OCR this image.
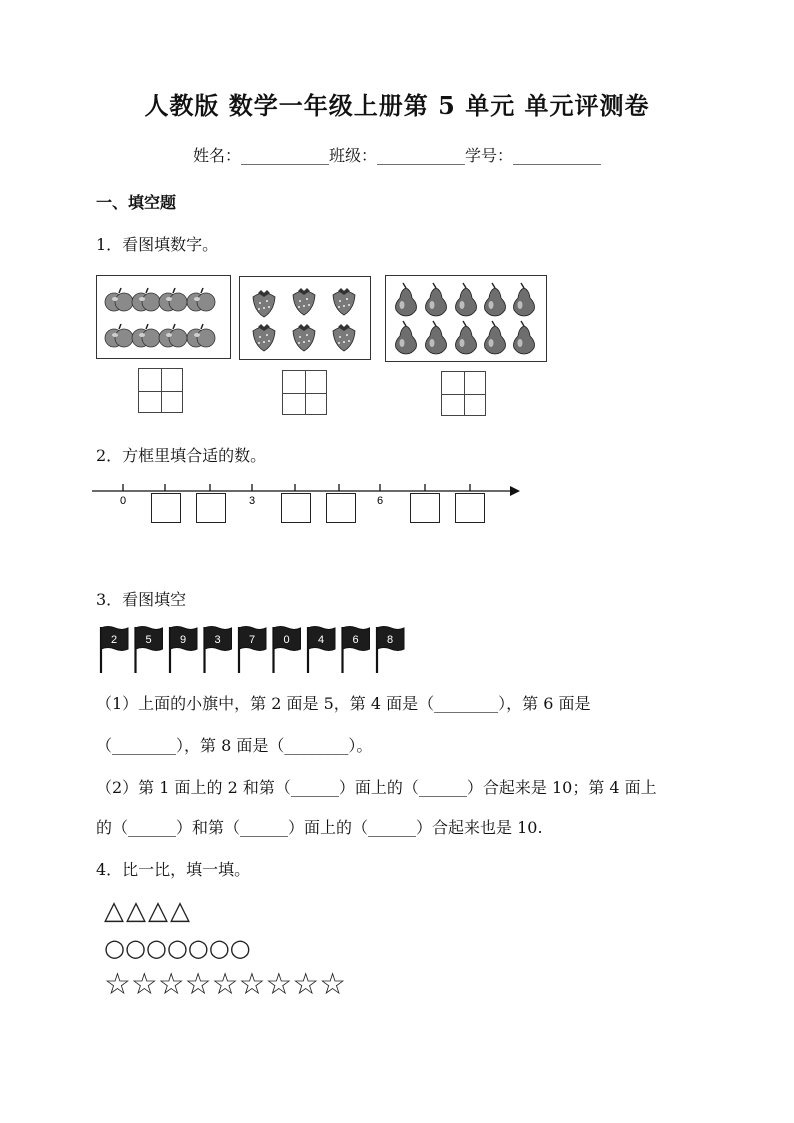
人教版 数学一年级上册第 5 单元 单元评测卷
姓名：___________班级：___________学号：___________
一、填空题
1．看图填数字。
2．方框里填合适的数。
0	3	6
3．看图填空
2	5	9	3	7	0	4	6	8
（1）上面的小旗中，第 2 面是 5，第 4 面是（________），第 6 面是
（________），第 8 面是（________）。
（2）第 1 面上的 2 和第（______）面上的（______）合起来是 10；第 4 面上
的（______）和第（______）面上的（______）合起来也是 10.
4．比一比，填一填。
△△△△
○○○○○○○
☆☆☆☆☆☆☆☆☆
